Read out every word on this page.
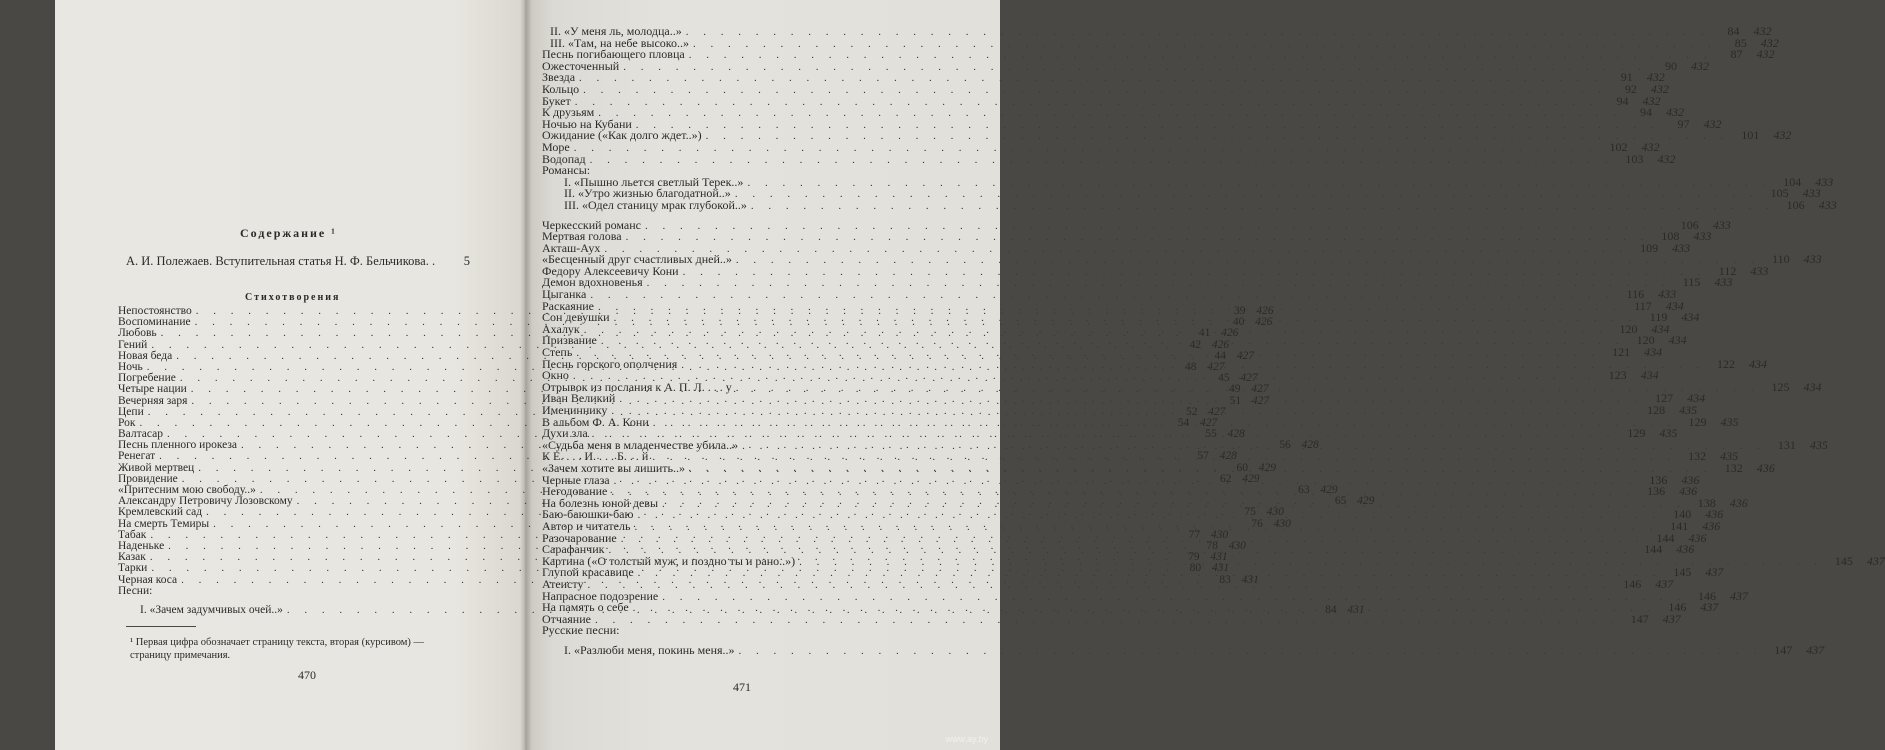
Содержание ¹
А. И. Полежаев. Вступительная статья Н. Ф. Бельчикова. . 5
Стихотворения
Непостоянство . . .	39 426
Воспоминание . . .	40 426
Любовь . . .	41 426
Гений . . .	42 426
Новая беда . . .	44 427
Ночь . . .	48 427
Погребение . . .	45 427
Четыре нации . . .	49 427
Вечерняя заря . . .	51 427
Цепи . . .	52 427
Рок . . .	54 427
Валтасар . . .	55 428
Песнь пленного ирокеза . . .	56 428
Ренегат . . .	57 428
Живой мертвец . . .	60 429
Провидение . . .	62 429
«Притесним мою свободу..» . . .	63 429
Александру Петровичу Лозовскому . . .	65 429
Кремлевский сад . . .	75 430
На смерть Темиры . . .	76 430
Табак . . .	77 430
Наденьке . . .	78 430
Казак . . .	79 431
Тарки . . .	80 431
Черная коса . . .	83 431
Песни:
I. «Зачем задумчивых очей..» . . .	84 431
II. «У меня ль, молодца..» . . .	84	432
III. «Там, на небе высоко..» . . .	85	432
Песнь погибающего пловца . . .	87	432
Ожесточенный . . .	90	432
Звезда . . .	91	432
Кольцо . . .	92	432
Букет . . .	94	432
К друзьям . . .	94	432
Ночью на Кубани . . .	97	432
Ожидание («Как долго ждет..») . . .	101	432
Море . . .	102	432
Водопад . . .	103	432
Романсы:
I. «Пышно льется светлый Терек..» . . .	104	433
II. «Утро жизнью благодатной..» . . .	105	433
III. «Одел станицу мрак глубокой..» . . .	106	433
Черкесский романс . . .	106	433
Мертвая голова . . .	108	433
Акташ-Аух . . .	109	433
«Бесценный друг счастливых дней..» . . .	110	433
Федору Алексеевичу Кони . . .	112	433
Демон вдохновенья . . .	115	433
Цыганка . . .	116	433
Раскаяние . . .	117	434
Сон девушки . . .	119	434
Ахалук . . .	120	434
Призвание . . .	120	434
Степь . . .	121	434
Песнь горского ополчения . . .	122	434
Окно . . .	123	434
Отрывок из послания к А. П. Л. . . . у . . .	125	434
Иван Великий . . .	127	434
Имениннику . . .	128	435
В альбом Ф. А. Кони . . .	129	435
Духи зла . . .	129	435
«Судьба меня в младенчестве убила..» . . .	131	435
К Е. . . . И. . . . Б. . . й . . .	132	435
«Зачем хотите вы лишить..» . . .	132	436
Черные глаза . . .	136	436
Негодование . . .	136	436
На болезнь юной девы . . .	138	436
Баю-баюшки-баю . . .	140	436
Автор и читатель . . .	141	436
Разочарование . . .	144	436
Сарафанчик . . .	144	436
Картина («О толстый муж, и поздно ты и рано..») . . .	145	437
Глупой красавице . . .	145	437
Атеисту . . .	146	437
Напрасное подозрение . . .	146	437
На память о себе . . .	146	437
Отчаяние . . .	147	437
Русские песни:
I. «Разлюби меня, покинь меня..» . . .	147	437
¹ Первая цифра обозначает страницу текста, вторая (курсивом) —
страницу примечания.
470
471
www.ay.by
